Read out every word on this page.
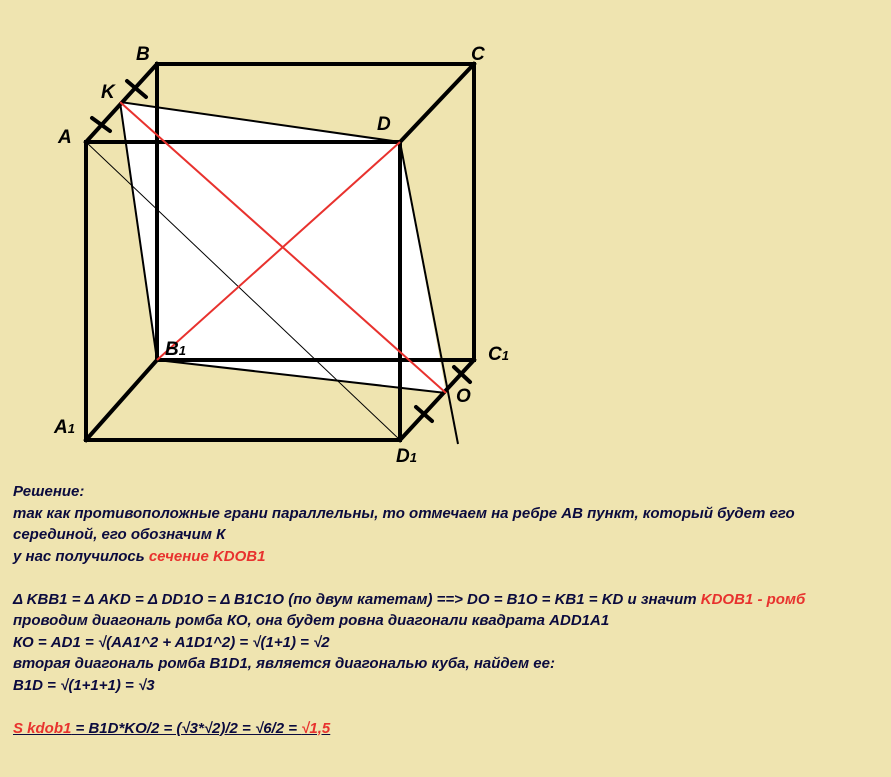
B	C
K
A
D
B1	C1
O
A1
D1
Решение:
так как противоположные грани параллельны, то отмечаем на ребре АВ пункт, который будет его серединой, его обозначим К
у нас получилось сечение KDOB1
Δ KBB1 = Δ AKD = Δ DD1O = Δ B1C1O (по двум катетам) ==> DO = B1O = KB1 = KD и значит KDOB1 - ромб
проводим диагональ ромба КО, она будет ровна диагонали квадрата ADD1A1
КО = AD1 = √(AA1^2 + A1D1^2) = √(1+1) = √2
вторая диагональ ромба B1D1, является диагональю куба, найдем ее:
B1D = √(1+1+1) = √3
S kdob1 = B1D*KO/2 = (√3*√2)/2 = √6/2 = √1,5
